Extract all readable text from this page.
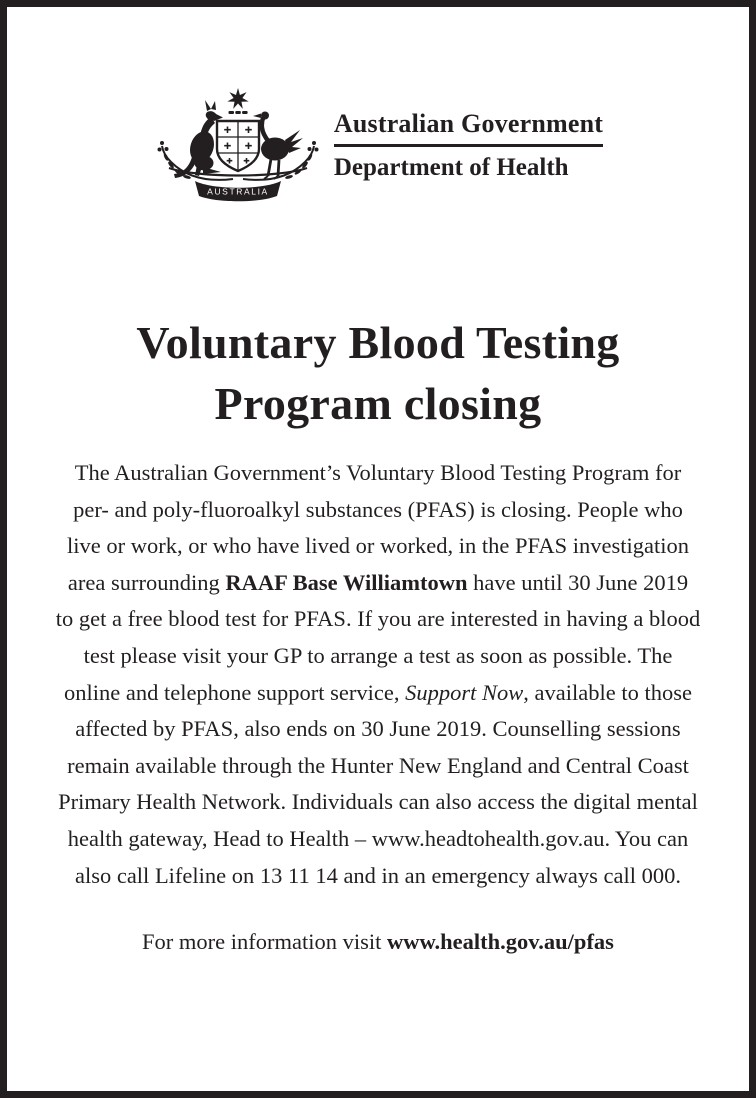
AUSTRALIA
Australian Government
Department of Health
Voluntary Blood Testing
Program closing
The Australian Government’s Voluntary Blood Testing Program for
per- and poly-fluoroalkyl substances (PFAS) is closing. People who
live or work, or who have lived or worked, in the PFAS investigation
area surrounding RAAF Base Williamtown have until 30 June 2019
to get a free blood test for PFAS. If you are interested in having a blood
test please visit your GP to arrange a test as soon as possible. The
online and telephone support service, Support Now, available to those
affected by PFAS, also ends on 30 June 2019. Counselling sessions
remain available through the Hunter New England and Central Coast
Primary Health Network. Individuals can also access the digital mental
health gateway, Head to Health – www.headtohealth.gov.au. You can
also call Lifeline on 13 11 14 and in an emergency always call 000.

For more information visit www.health.gov.au/pfas
